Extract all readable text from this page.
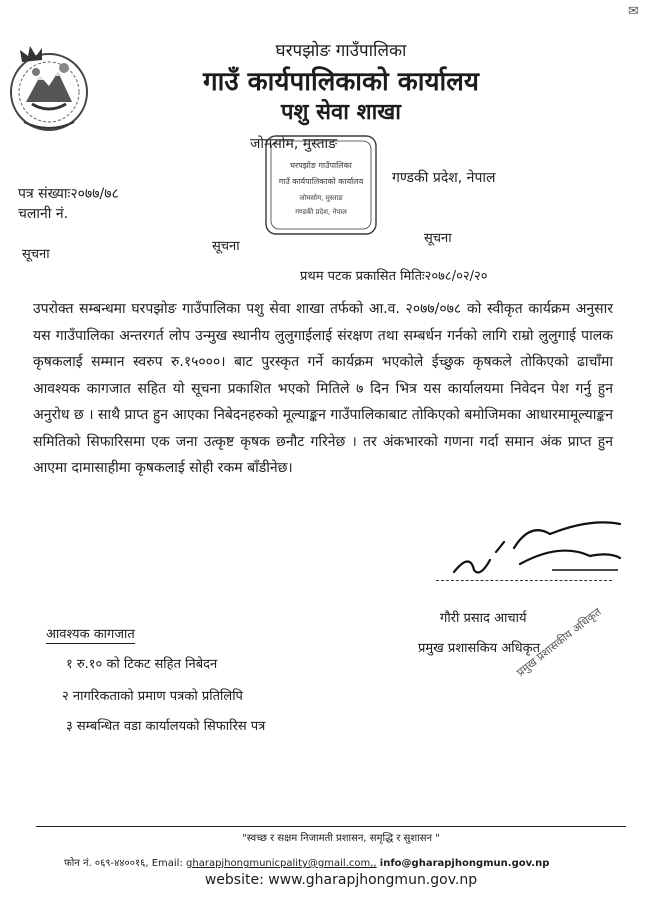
✉
घरपझोङ गाउँपालिका
गाउँ कार्यपालिकाको कार्यालय
पशु सेवा शाखा
जोमसोम, मुस्ताङ
गण्डकी प्रदेश, नेपाल
घरपझोङ गाउँपालिका
गाउँ कार्यपालिकाको कार्यालय
जोमसोम, मुस्ताङ
गण्डकी प्रदेश, नेपाल
पत्र संख्याः२०७७/७८
चलानी नं.
सूचना
सूचना
सूचना
प्रथम पटक प्रकासित मितिः२०७८/०२/२०
उपरोक्त सम्बन्धमा घरपझोङ गाउँपालिका पशु सेवा शाखा तर्फको आ.व. २०७७/०७८ को स्वीकृत कार्यक्रम अनुसार यस गाउँपालिका अन्तरगर्त लोप उन्मुख स्थानीय लुलुगाईलाई संरक्षण तथा सम्बर्धन गर्नको लागि राम्रो लुलुगाई पालक कृषकलाई सम्मान स्वरुप रु.१५०००। बाट पुरस्कृत गर्ने कार्यक्रम भएकोले ईच्छुक कृषकले तोकिएको ढाचाँमा आवश्यक कागजात सहित यो सूचना प्रकाशित भएको मितिले ७ दिन भित्र यस कार्यालयमा निवेदन पेश गर्नु हुन अनुरोध छ । साथै प्राप्त हुन आएका निबेदनहरुको मूल्याङ्कन गाउँपालिकाबाट तोकिएको बमोजिमका आधारमामूल्याङ्कन समितिको सिफारिसमा एक जना उत्कृष्ट कृषक छनौट गरिनेछ । तर अंकभारको गणना गर्दा समान अंक प्राप्त हुन आएमा दामासाहीमा कृषकलाई सोही रकम बाँडीनेछ।
गौरी प्रसाद आचार्य
प्रमुख प्रशासकिय अधिकृत
प्रमुख प्रशासकीय अधिकृत
आवश्यक कागजात
१ रु.१० को टिकट सहित निबेदन
२ नागरिकताको प्रमाण पत्रको प्रतिलिपि
३ सम्बन्धित वडा कार्यालयको सिफारिस पत्र
"स्वच्छ र सक्षम निजामती प्रशासन, समृद्धि र सुशासन "
फोन नं. ०६९-४४००१६, Email: gharapjhongmunicpality@gmail.com,, info@gharapjhongmun.gov.np
website: www.gharapjhongmun.gov.np
